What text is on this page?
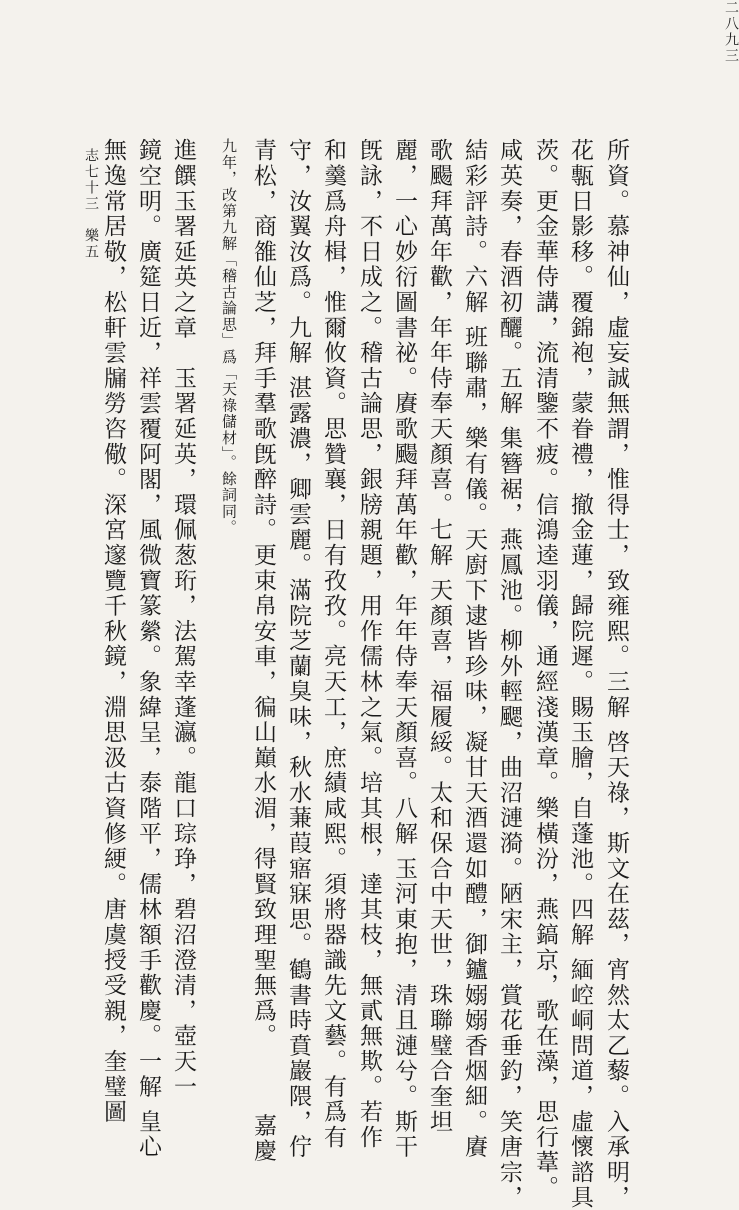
志七十三　樂五
二八九三
所資。慕神仙，虛妄誠無謂，惟得士，致雍熙。三解 啓天祿，斯文在茲，宵然太乙藜。入承明，
花甎日影移。覆錦袍，蒙眷禮，撤金蓮，歸院遲。賜玉膾，自蓬池。四解 緬崆峒問道，虛懷諮具
茨。更金華侍講，流清鑒不疲。信鴻逵羽儀，通經淺漢章。樂橫汾，燕鎬京，歌在藻，思行葦。
咸英奏，春酒初釃。五解 集簪裾，燕鳳池。柳外輕颸，曲沼漣漪。陋宋主，賞花垂釣，笑唐宗，
結彩評詩。六解 班聯肅，樂有儀。天廚下逮皆珍味，凝甘天酒還如醴，御鑪嫋嫋香烟細。賡
歌颺拜萬年歡，年年侍奉天顏喜。七解 天顏喜，福履綏。太和保合中天世，珠聯璧合奎坦
麗，一心妙衍圖書祕。賡歌颺拜萬年歡，年年侍奉天顏喜。八解 玉河東抱，清且漣兮。斯干
旣詠，不日成之。稽古論思，銀牓親題，用作儒林之氣。培其根，達其枝，無貳無欺。若作
和羹爲舟楫，惟爾攸資。思贊襄，日有孜孜。亮天工，庶績咸熙。須將器識先文藝。有爲有
守，汝翼汝爲。九解 湛露濃，卿雲麗。滿院芝蘭臭味，秋水蒹葭寤寐思。鶴書時賁巖隈，佇
青松，商雒仙芝，拜手羣歌旣醉詩。更束帛安車，徧山巔水湄，得賢致理聖無爲。　　　嘉慶
九年，改第九解「稽古論思」爲「天祿儲材」。餘詞同。
進饌玉署延英之章　玉署延英，環佩葱珩，法駕幸蓬瀛。龍口琮琤，碧沼澄清，壺天一
鏡空明。廣筵日近，祥雲覆阿閣，風微寶篆縈。象緯呈，泰階平，儒林額手歡慶。一解 皇心
無逸常居敬，松軒雲牖勞咨儆。深宮邃覽千秋鏡，淵思汲古資修綆。唐虞授受親，奎璧圖
